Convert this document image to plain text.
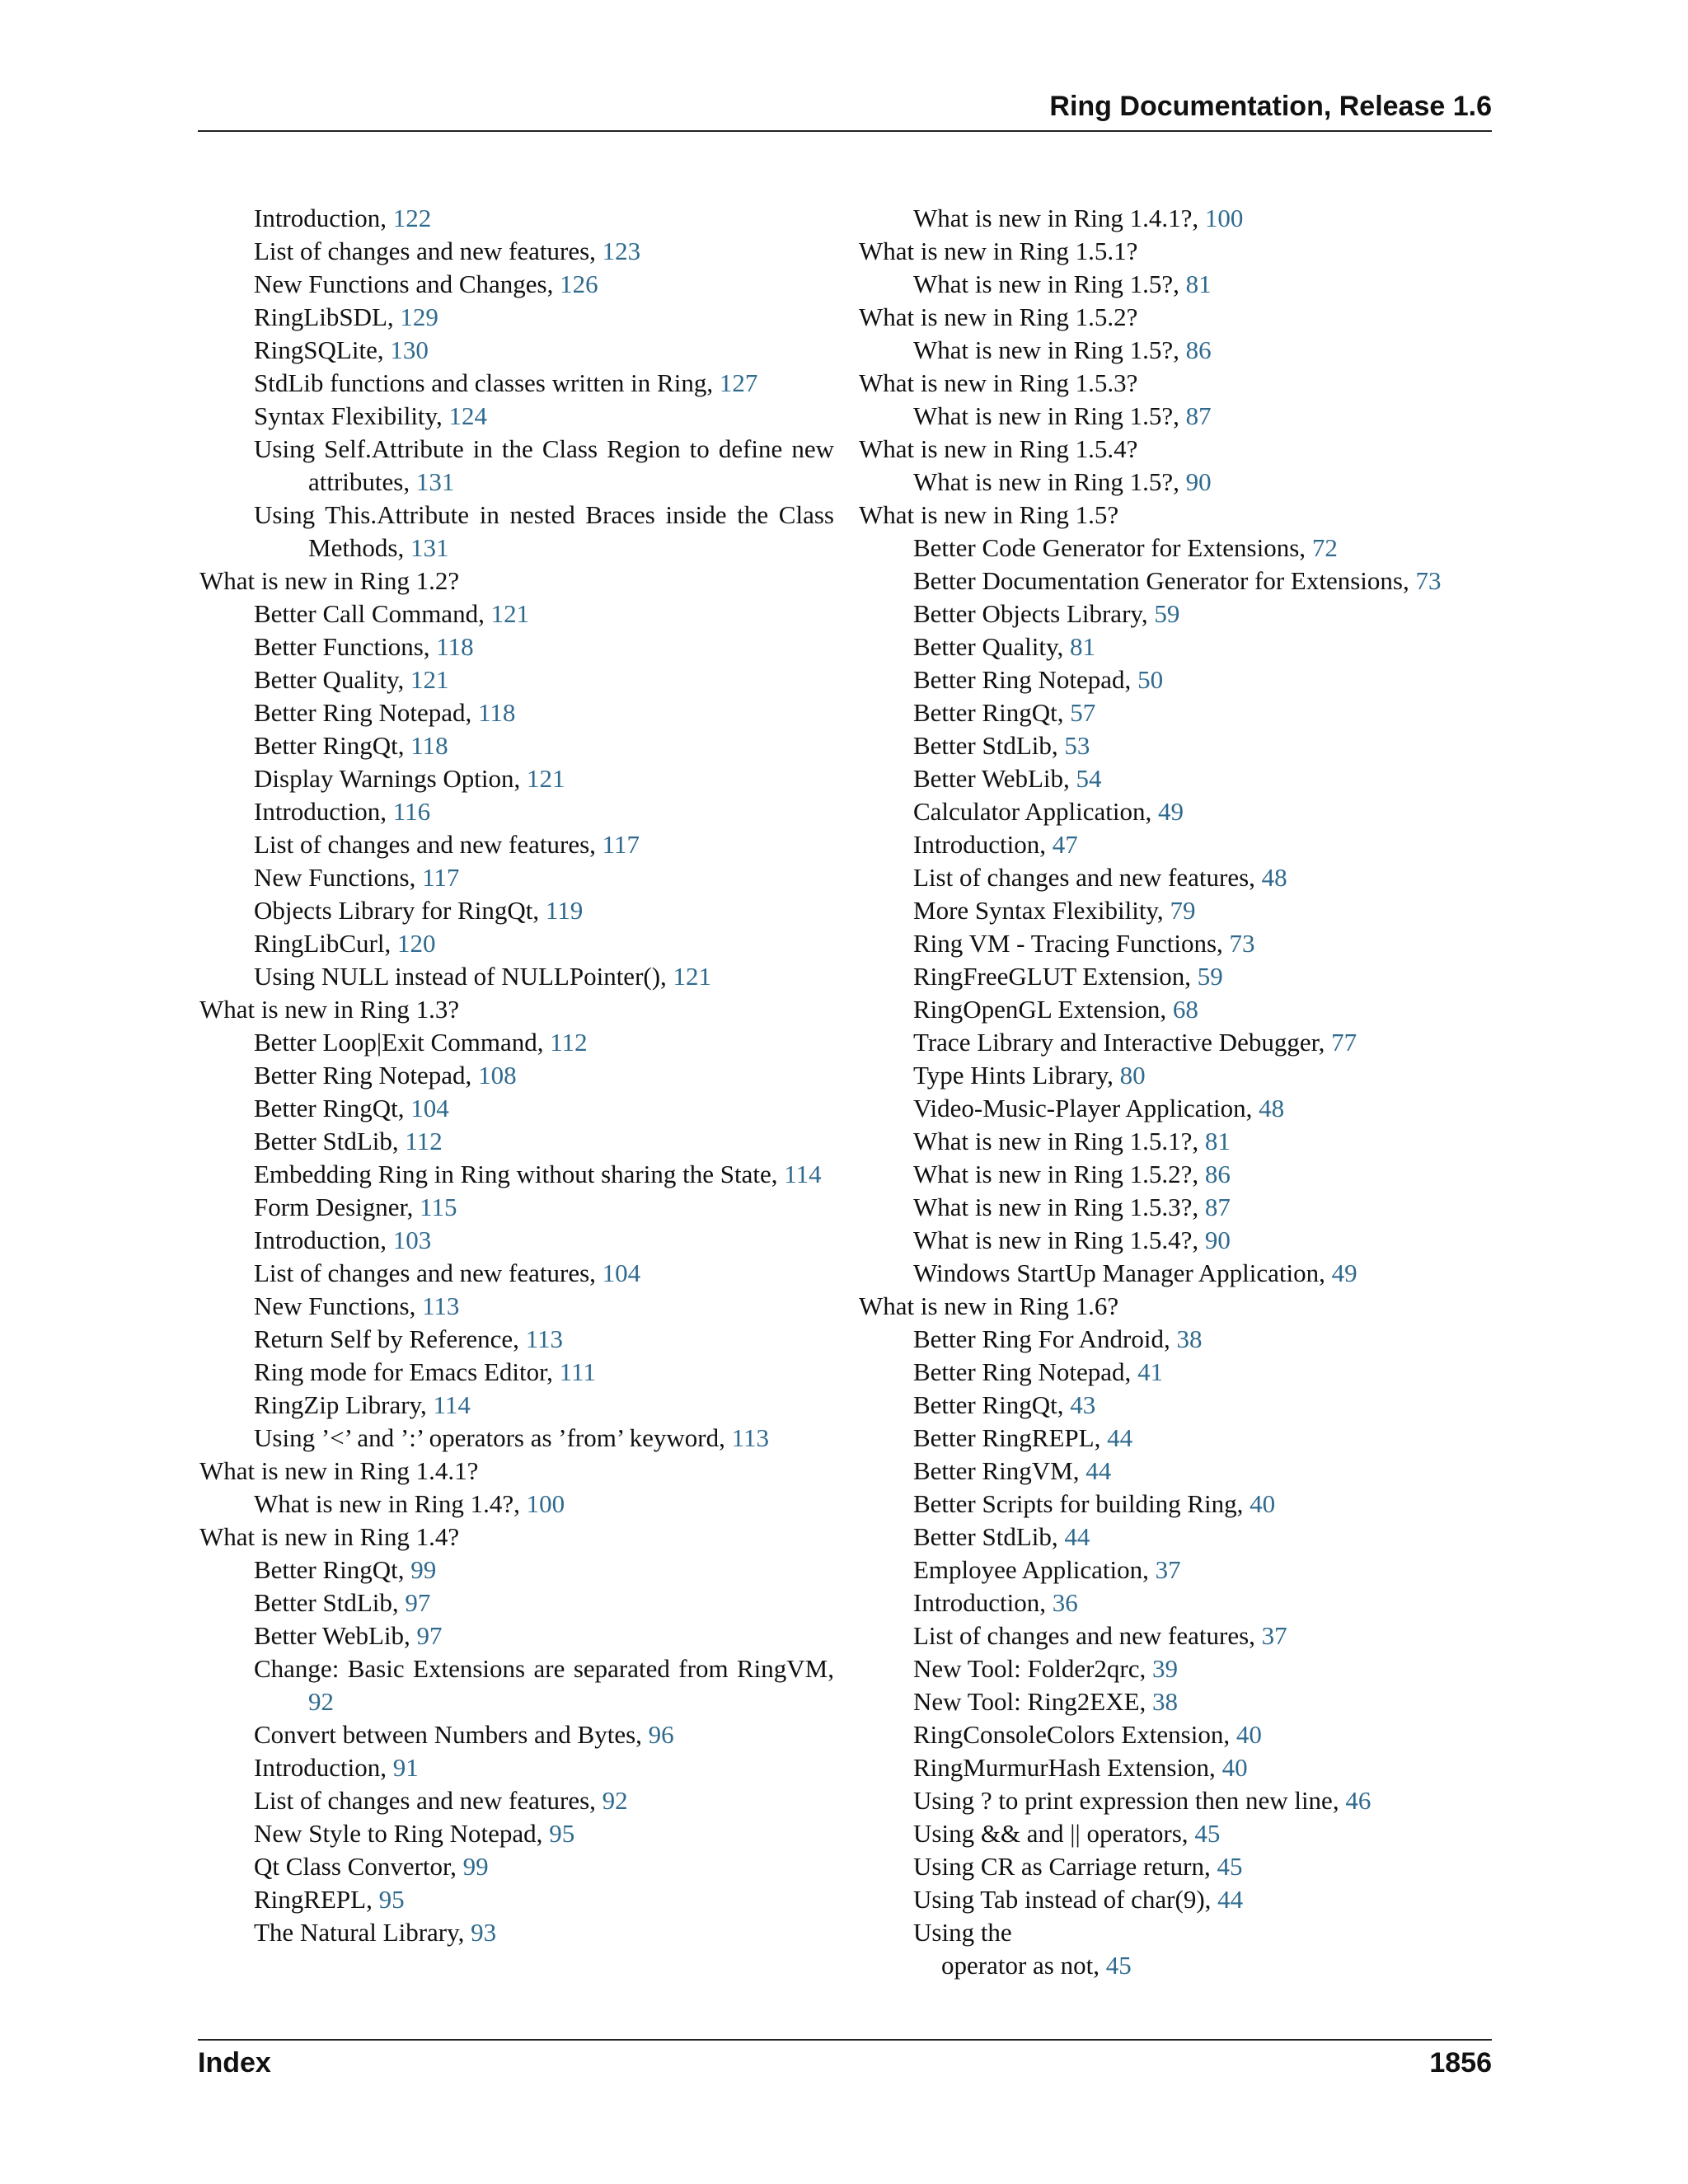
Ring Documentation, Release 1.6
Introduction, 122
List of changes and new features, 123
New Functions and Changes, 126
RingLibSDL, 129
RingSQLite, 130
StdLib functions and classes written in Ring, 127
Syntax Flexibility, 124
Using Self.Attribute in the Class Region to define new attributes, 131
Using This.Attribute in nested Braces inside the Class Methods, 131
What is new in Ring 1.2?
Better Call Command, 121
Better Functions, 118
Better Quality, 121
Better Ring Notepad, 118
Better RingQt, 118
Display Warnings Option, 121
Introduction, 116
List of changes and new features, 117
New Functions, 117
Objects Library for RingQt, 119
RingLibCurl, 120
Using NULL instead of NULLPointer(), 121
What is new in Ring 1.3?
Better Loop|Exit Command, 112
Better Ring Notepad, 108
Better RingQt, 104
Better StdLib, 112
Embedding Ring in Ring without sharing the State, 114
Form Designer, 115
Introduction, 103
List of changes and new features, 104
New Functions, 113
Return Self by Reference, 113
Ring mode for Emacs Editor, 111
RingZip Library, 114
Using ’<’ and ’:’ operators as ’from’ keyword, 113
What is new in Ring 1.4.1?
What is new in Ring 1.4?, 100
What is new in Ring 1.4?
Better RingQt, 99
Better StdLib, 97
Better WebLib, 97
Change: Basic Extensions are separated from RingVM, 92
Convert between Numbers and Bytes, 96
Introduction, 91
List of changes and new features, 92
New Style to Ring Notepad, 95
Qt Class Convertor, 99
RingREPL, 95
The Natural Library, 93
What is new in Ring 1.4.1?, 100
What is new in Ring 1.5.1?
What is new in Ring 1.5?, 81
What is new in Ring 1.5.2?
What is new in Ring 1.5?, 86
What is new in Ring 1.5.3?
What is new in Ring 1.5?, 87
What is new in Ring 1.5.4?
What is new in Ring 1.5?, 90
What is new in Ring 1.5?
Better Code Generator for Extensions, 72
Better Documentation Generator for Extensions, 73
Better Objects Library, 59
Better Quality, 81
Better Ring Notepad, 50
Better RingQt, 57
Better StdLib, 53
Better WebLib, 54
Calculator Application, 49
Introduction, 47
List of changes and new features, 48
More Syntax Flexibility, 79
Ring VM - Tracing Functions, 73
RingFreeGLUT Extension, 59
RingOpenGL Extension, 68
Trace Library and Interactive Debugger, 77
Type Hints Library, 80
Video-Music-Player Application, 48
What is new in Ring 1.5.1?, 81
What is new in Ring 1.5.2?, 86
What is new in Ring 1.5.3?, 87
What is new in Ring 1.5.4?, 90
Windows StartUp Manager Application, 49
What is new in Ring 1.6?
Better Ring For Android, 38
Better Ring Notepad, 41
Better RingQt, 43
Better RingREPL, 44
Better RingVM, 44
Better Scripts for building Ring, 40
Better StdLib, 44
Employee Application, 37
Introduction, 36
List of changes and new features, 37
New Tool: Folder2qrc, 39
New Tool: Ring2EXE, 38
RingConsoleColors Extension, 40
RingMurmurHash Extension, 40
Using ? to print expression then new line, 46
Using && and || operators, 45
Using CR as Carriage return, 45
Using Tab instead of char(9), 44
Using the
operator as not, 45
Index	1856
